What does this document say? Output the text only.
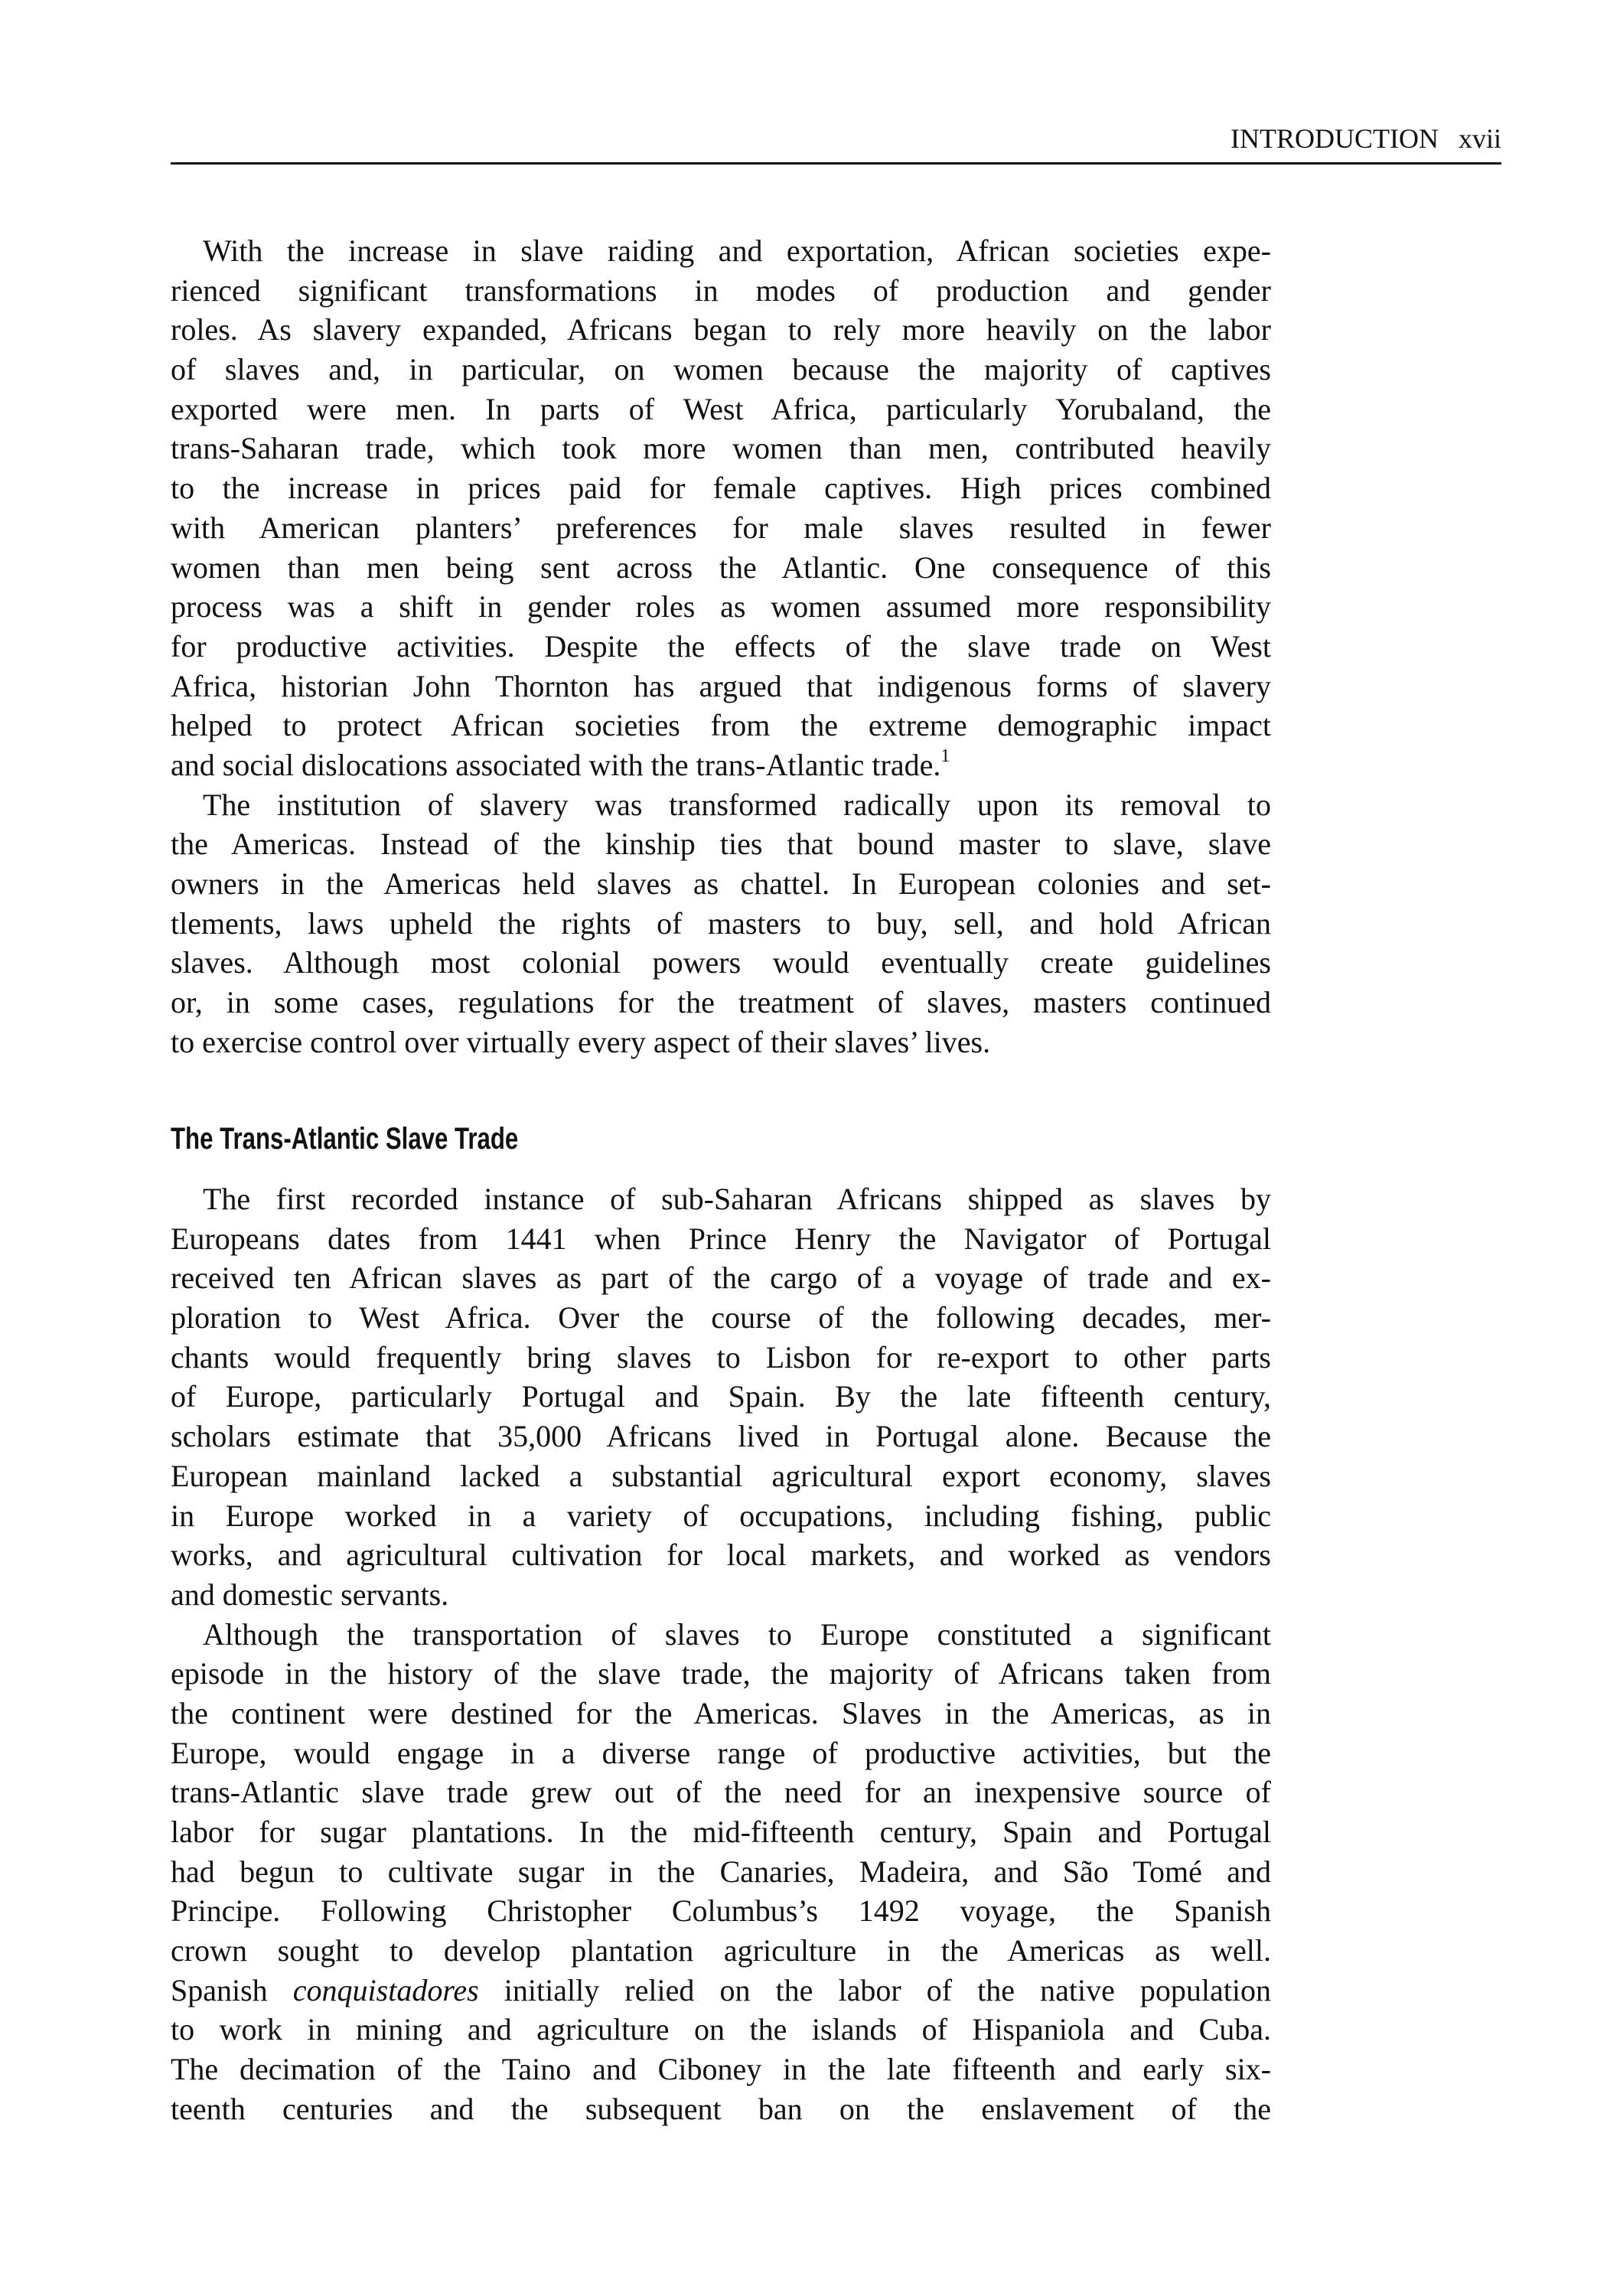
INTRODUCTION xvii
With the increase in slave raiding and exportation, African societies expe-
rienced significant transformations in modes of production and gender
roles. As slavery expanded, Africans began to rely more heavily on the labor
of slaves and, in particular, on women because the majority of captives
exported were men. In parts of West Africa, particularly Yorubaland, the
trans-Saharan trade, which took more women than men, contributed heavily
to the increase in prices paid for female captives. High prices combined
with American planters’ preferences for male slaves resulted in fewer
women than men being sent across the Atlantic. One consequence of this
process was a shift in gender roles as women assumed more responsibility
for productive activities. Despite the effects of the slave trade on West
Africa, historian John Thornton has argued that indigenous forms of slavery
helped to protect African societies from the extreme demographic impact
and social dislocations associated with the trans-Atlantic trade.$^1$
The institution of slavery was transformed radically upon its removal to
the Americas. Instead of the kinship ties that bound master to slave, slave
owners in the Americas held slaves as chattel. In European colonies and set-
tlements, laws upheld the rights of masters to buy, sell, and hold African
slaves. Although most colonial powers would eventually create guidelines
or, in some cases, regulations for the treatment of slaves, masters continued
to exercise control over virtually every aspect of their slaves’ lives.
The Trans-Atlantic Slave Trade
The first recorded instance of sub-Saharan Africans shipped as slaves by
Europeans dates from 1441 when Prince Henry the Navigator of Portugal
received ten African slaves as part of the cargo of a voyage of trade and ex-
ploration to West Africa. Over the course of the following decades, mer-
chants would frequently bring slaves to Lisbon for re-export to other parts
of Europe, particularly Portugal and Spain. By the late fifteenth century,
scholars estimate that 35,000 Africans lived in Portugal alone. Because the
European mainland lacked a substantial agricultural export economy, slaves
in Europe worked in a variety of occupations, including fishing, public
works, and agricultural cultivation for local markets, and worked as vendors
and domestic servants.
Although the transportation of slaves to Europe constituted a significant
episode in the history of the slave trade, the majority of Africans taken from
the continent were destined for the Americas. Slaves in the Americas, as in
Europe, would engage in a diverse range of productive activities, but the
trans-Atlantic slave trade grew out of the need for an inexpensive source of
labor for sugar plantations. In the mid-fifteenth century, Spain and Portugal
had begun to cultivate sugar in the Canaries, Madeira, and São Tomé and
Principe. Following Christopher Columbus’s 1492 voyage, the Spanish
crown sought to develop plantation agriculture in the Americas as well.
Spanish conquistadores initially relied on the labor of the native population
to work in mining and agriculture on the islands of Hispaniola and Cuba.
The decimation of the Taino and Ciboney in the late fifteenth and early six-
teenth centuries and the subsequent ban on the enslavement of the
